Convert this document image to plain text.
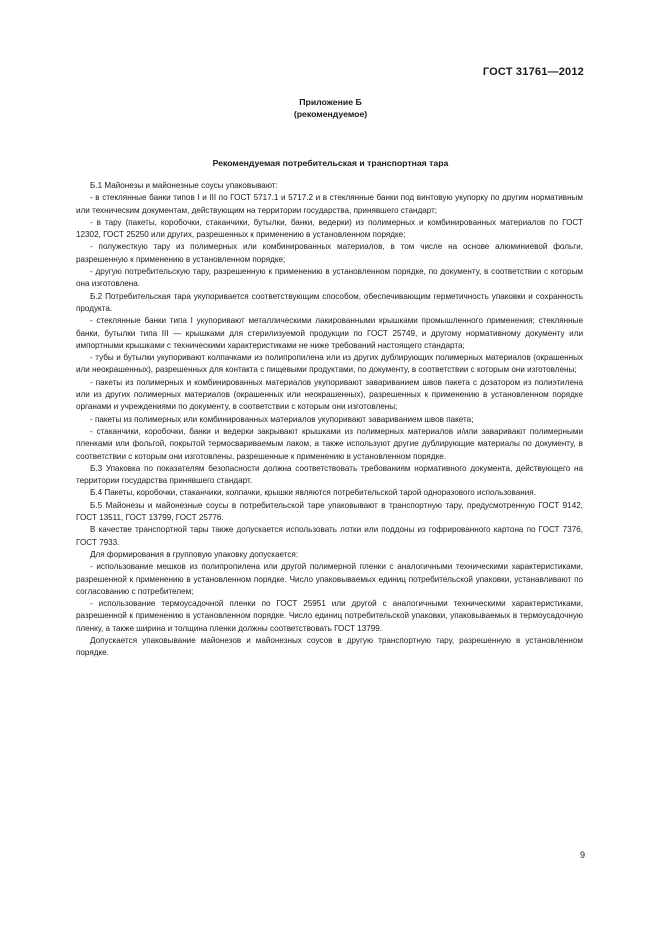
ГОСТ 31761—2012
Приложение Б
(рекомендуемое)
Рекомендуемая потребительская и транспортная тара

Б.1 Майонезы и майонезные соусы упаковывают:

- в стеклянные банки типов I и III по ГОСТ 5717.1 и 5717.2 и в стеклянные банки под винтовую укупорку по другим нормативным или техническим документам, действующим на территории государства, принявшего стандарт;

- в тару (пакеты, коробочки, стаканчики, бутылки, банки, ведерки) из полимерных и комбинированных материалов по ГОСТ 12302, ГОСТ 25250 или других, разрешенных к применению в установленном порядке;

- полужесткую тару из полимерных или комбинированных материалов, в том числе на основе алюминиевой фольги, разрешенную к применению в установленном порядке;

- другую потребительскую тару, разрешенную к применению в установленном порядке, по документу, в соответствии с которым она изготовлена.

Б.2 Потребительская тара укупоривается соответствующим способом, обеспечивающим герметичность упаковки и сохранность продукта.

- стеклянные банки типа I укупоривают металлическими лакированными крышками промышленного применения; стеклянные банки, бутылки типа III — крышками для стерилизуемой продукции по ГОСТ 25749, и другому нормативному документу или импортными крышками с техническими характеристиками не ниже требований настоящего стандарта;

- тубы и бутылки укупоривают колпачками из полипропилена или из других дублирующих полимерных материалов (окрашенных или неокрашенных), разрешенных для контакта с пищевыми продуктами, по документу, в соответствии с которым они изготовлены;

- пакеты из полимерных и комбинированных материалов укупоривают завариванием швов пакета с дозатором из полиэтилена или из других полимерных материалов (окрашенных или неокрашенных), разрешенных к применению в установленном порядке органами и учреждениями по документу, в соответствии с которым они изготовлены;

- пакеты из полимерных или комбинированных материалов укупоривают завариванием швов пакета;

- стаканчики, коробочки, банки и ведерки закрывают крышками из полимерных материалов и/или заваривают полимерными пленками или фольгой, покрытой термосвариваемым лаком, а также используют другие дублирующие материалы по документу, в соответствии с которым они изготовлены, разрешенные к применению в установленном порядке.

Б.3 Упаковка по показателям безопасности должна соответствовать требованиям нормативного документа, действующего на территории государства принявшего стандарт.

Б.4 Пакеты, коробочки, стаканчики, колпачки, крышки являются потребительской тарой одноразового использования.

Б.5 Майонезы и майонезные соусы в потребительской таре упаковывают в транспортную тару, предусмотренную ГОСТ 9142, ГОСТ 13511, ГОСТ 13799, ГОСТ 25776.

В качестве транспортной тары также допускается использовать лотки или поддоны из гофрированного картона по ГОСТ 7376, ГОСТ 7933.

Для формирования в групповую упаковку допускается:

- использование мешков из полипропилена или другой полимерной пленки с аналогичными техническими характеристиками, разрешенной к применению в установленном порядке. Число упаковываемых единиц потребительской упаковки, устанавливают по согласованию с потребителем;

- использование термоусадочной пленки по ГОСТ 25951 или другой с аналогичными техническими характеристиками, разрешенной к применению в установленном порядке. Число единиц потребительской упаковки, упаковываемых в термоусадочную пленку, а также ширина и толщина пленки должны соответствовать ГОСТ 13799.

Допускается упаковывание майонезов и майонезных соусов в другую транспортную тару, разрешенную в установленном порядке.

9
